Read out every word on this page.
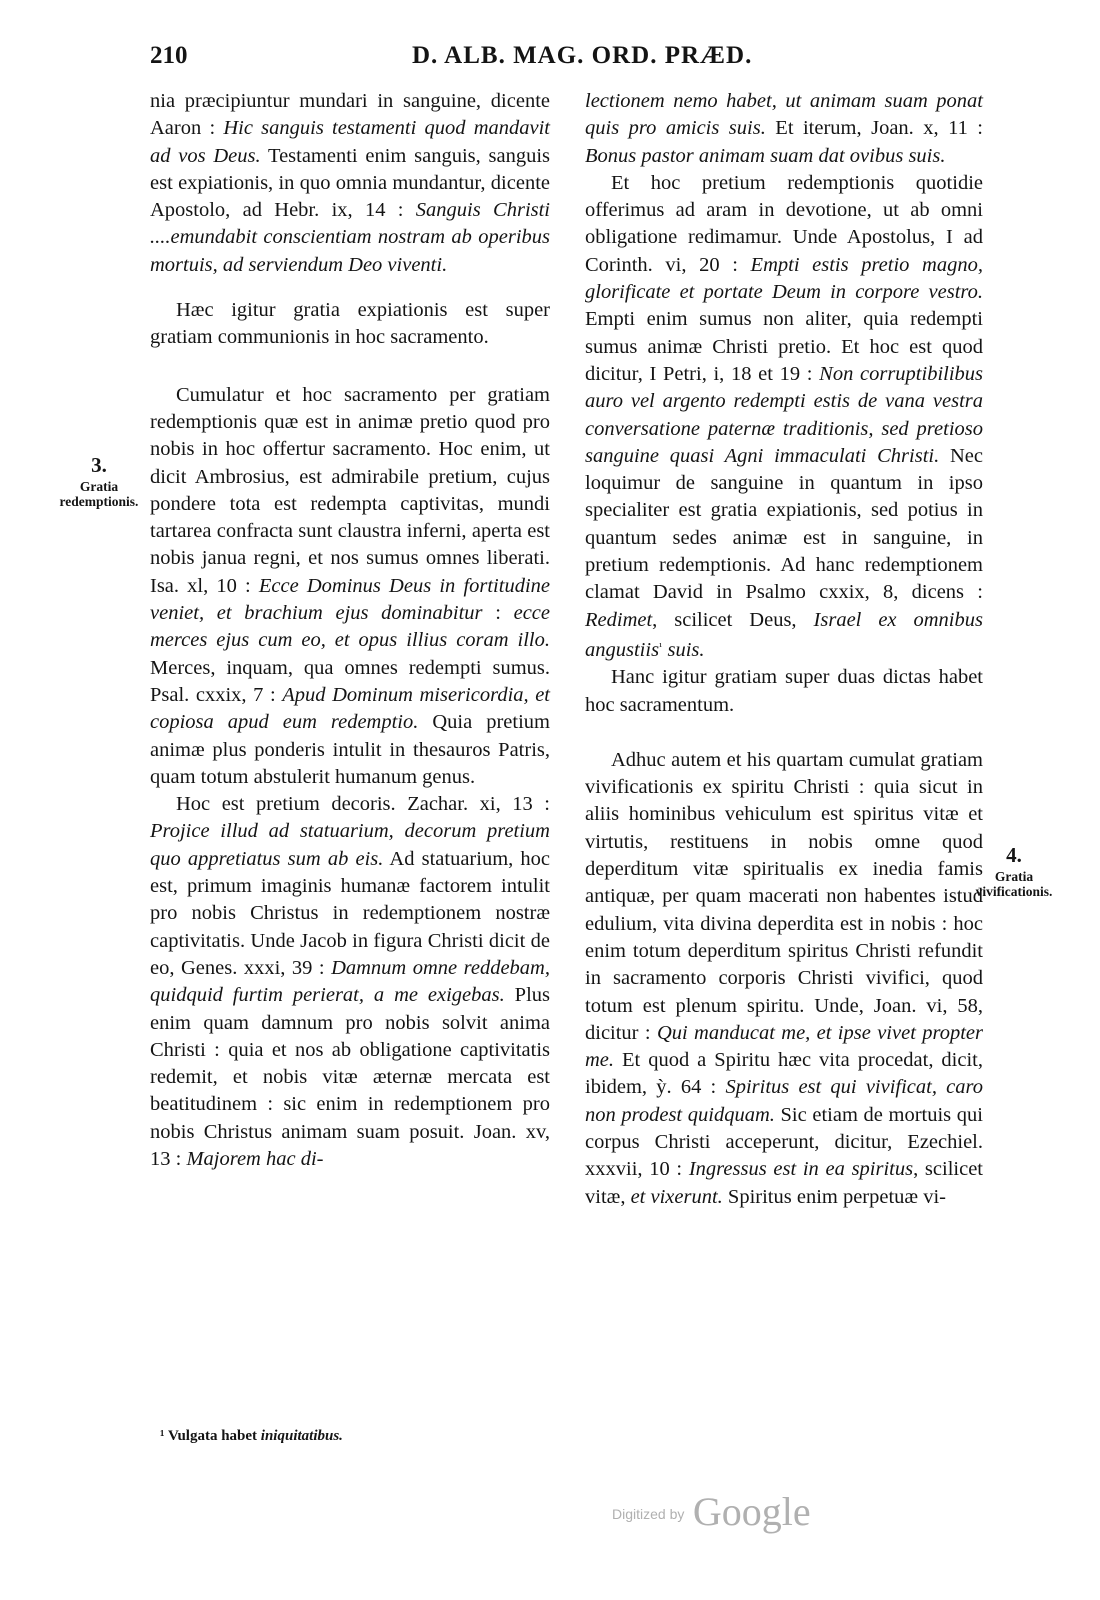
210	D. ALB. MAG. ORD. PRÆD.
3.
Gratia redemptionis.
4.
Gratia vivificationis.

nia præcipiuntur mundari in sanguine, dicente Aaron : Hic sanguis testamenti quod mandavit ad vos Deus. Testamenti enim sanguis, sanguis est expiationis, in quo omnia mundantur, dicente Apostolo, ad Hebr. ix, 14 : Sanguis Christi ....emundabit conscientiam nostram ab operibus mortuis, ad serviendum Deo viventi.

Hæc igitur gratia expiationis est super gratiam communionis in hoc sacramento.

Cumulatur et hoc sacramento per gratiam redemptionis quæ est in animæ pretio quod pro nobis in hoc offertur sacramento. Hoc enim, ut dicit Ambrosius, est admirabile pretium, cujus pondere tota est redempta captivitas, mundi tartarea confracta sunt claustra inferni, aperta est nobis janua regni, et nos sumus omnes liberati. Isa. xl, 10 : Ecce Dominus Deus in fortitudine veniet, et brachium ejus dominabitur : ecce merces ejus cum eo, et opus illius coram illo. Merces, inquam, qua omnes redempti sumus. Psal. cxxix, 7 : Apud Dominum misericordia, et copiosa apud eum redemptio. Quia pretium animæ plus ponderis intulit in thesauros Patris, quam totum abstulerit humanum genus.

Hoc est pretium decoris. Zachar. xi, 13 : Projice illud ad statuarium, decorum pretium quo appretiatus sum ab eis. Ad statuarium, hoc est, primum imaginis humanæ factorem intulit pro nobis Christus in redemptionem nostræ captivitatis. Unde Jacob in figura Christi dicit de eo, Genes. xxxi, 39 : Damnum omne reddebam, quidquid furtim perierat, a me exigebas. Plus enim quam damnum pro nobis solvit anima Christi : quia et nos ab obligatione captivitatis redemit, et nobis vitæ æternæ mercata est beatitudinem : sic enim in redemptionem pro nobis Christus animam suam posuit. Joan. xv, 13 : Majorem hac di-

lectionem nemo habet, ut animam suam ponat quis pro amicis suis. Et iterum, Joan. x, 11 : Bonus pastor animam suam dat ovibus suis.

Et hoc pretium redemptionis quotidie offerimus ad aram in devotione, ut ab omni obligatione redimamur. Unde Apostolus, I ad Corinth. vi, 20 : Empti estis pretio magno, glorificate et portate Deum in corpore vestro. Empti enim sumus non aliter, quia redempti sumus animæ Christi pretio. Et hoc est quod dicitur, I Petri, i, 18 et 19 : Non corruptibilibus auro vel argento redempti estis de vana vestra conversatione paternæ traditionis, sed pretioso sanguine quasi Agni immaculati Christi. Nec loquimur de sanguine in quantum in ipso specialiter est gratia expiationis, sed potius in quantum sedes animæ est in sanguine, in pretium redemptionis. Ad hanc redemptionem clamat David in Psalmo cxxix, 8, dicens : Redimet, scilicet Deus, Israel ex omnibus angustiis$^{^1}$ suis.

Hanc igitur gratiam super duas dictas habet hoc sacramentum.

Adhuc autem et his quartam cumulat gratiam vivificationis ex spiritu Christi : quia sicut in aliis hominibus vehiculum est spiritus vitæ et virtutis, restituens in nobis omne quod deperditum vitæ spiritualis ex inedia famis antiquæ, per quam macerati non habentes istud edulium, vita divina deperdita est in nobis : hoc enim totum deperditum spiritus Christi refundit in sacramento corporis Christi vivifici, quod totum est plenum spiritu. Unde, Joan. vi, 58, dicitur : Qui manducat me, et ipse vivet propter me. Et quod a Spiritu hæc vita procedat, dicit, ibidem, ỳ. 64 : Spiritus est qui vivificat, caro non prodest quidquam. Sic etiam de mortuis qui corpus Christi acceperunt, dicitur, Ezechiel. xxxvii, 10 : Ingressus est in ea spiritus, scilicet vitæ, et vixerunt. Spiritus enim perpetuæ vi-

¹ Vulgata habet iniquitatibus.
Digitized by Google
